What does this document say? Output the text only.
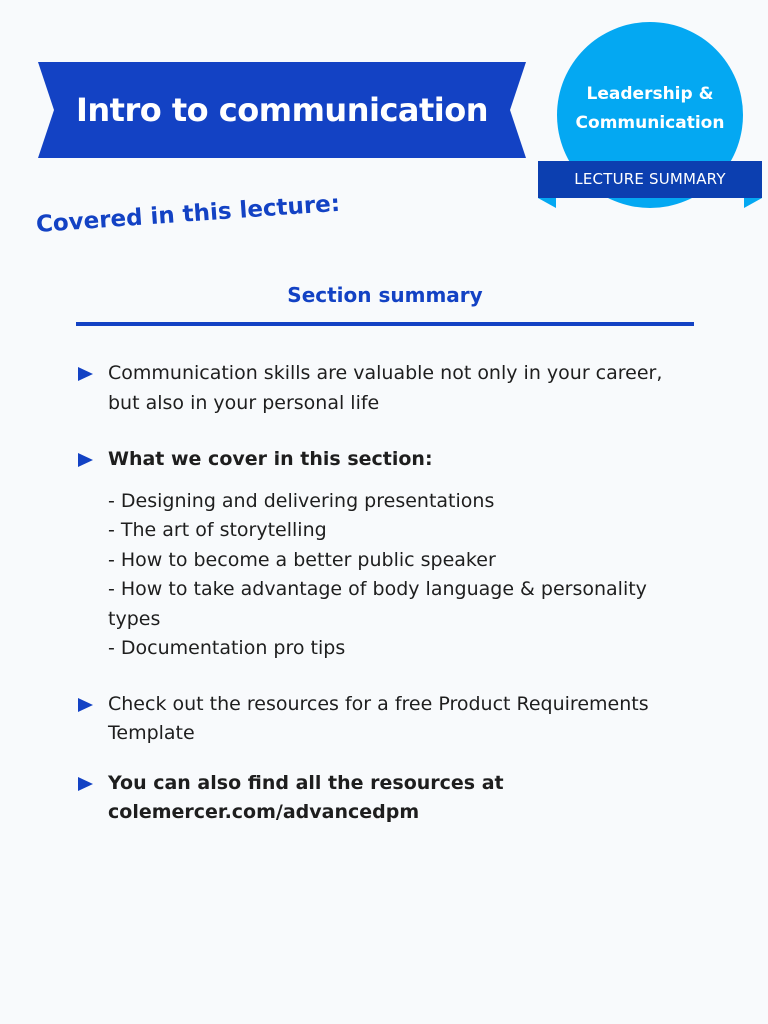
Intro to communication	Leadership &
Communication
LECTURE SUMMARY
Covered in this lecture:
Section summary
Communication skills are valuable not only in your career, but also in your personal life
What we cover in this section:
- Designing and delivering presentations
- The art of storytelling
- How to become a better public speaker
- How to take advantage of body language & personality types
- Documentation pro tips
Check out the resources for a free Product Requirements Template
You can also find all the resources at colemercer.com/advancedpm
